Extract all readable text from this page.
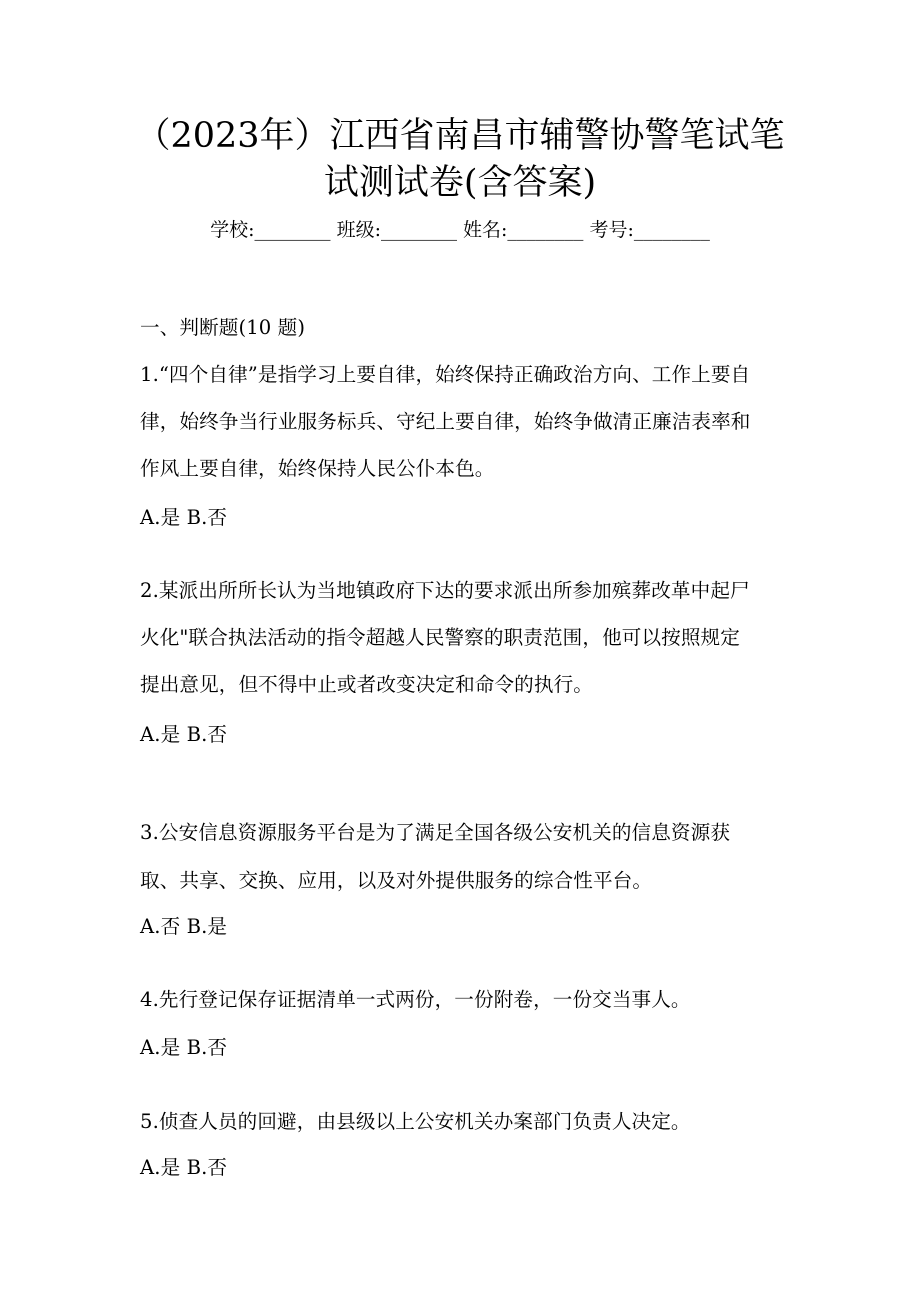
（2023年）江西省南昌市辅警协警笔试笔
试测试卷(含答案)
学校:________ 班级:________ 姓名:________ 考号:________
一、判断题(10 题)
1.“四个自律”是指学习上要自律，始终保持正确政治方向、工作上要自
律，始终争当行业服务标兵、守纪上要自律，始终争做清正廉洁表率和
作风上要自律，始终保持人民公仆本色。
A.是 B.否
2.某派出所所长认为当地镇政府下达的要求派出所参加殡葬改革中起尸
火化"联合执法活动的指令超越人民警察的职责范围，他可以按照规定
提出意见，但不得中止或者改变决定和命令的执行。
A.是 B.否
3.公安信息资源服务平台是为了满足全国各级公安机关的信息资源获
取、共享、交换、应用，以及对外提供服务的综合性平台。
A.否 B.是
4.先行登记保存证据清单一式两份，一份附卷，一份交当事人。
A.是 B.否
5.侦查人员的回避，由县级以上公安机关办案部门负责人决定。
A.是 B.否
